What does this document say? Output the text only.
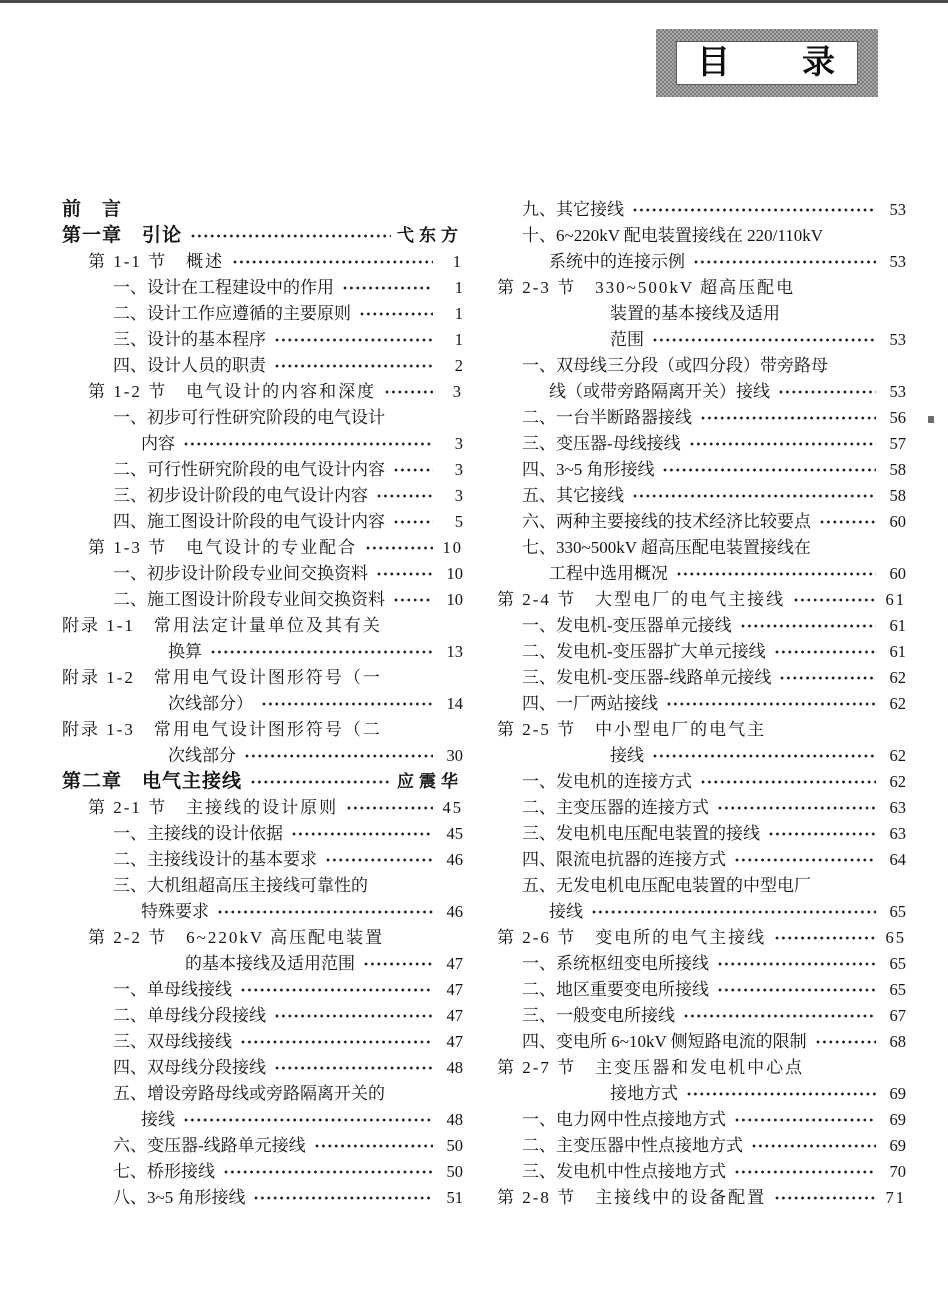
目　　录
前　言
第一章　引论	弋东方
第 1-1 节　概述	1
一、设计在工程建设中的作用	1
二、设计工作应遵循的主要原则	1
三、设计的基本程序	1
四、设计人员的职责	2
第 1-2 节　电气设计的内容和深度	3
一、初步可行性研究阶段的电气设计
内容	3
二、可行性研究阶段的电气设计内容	3
三、初步设计阶段的电气设计内容	3
四、施工图设计阶段的电气设计内容	5
第 1-3 节　电气设计的专业配合	10
一、初步设计阶段专业间交换资料	10
二、施工图设计阶段专业间交换资料	10
附录 1-1　常用法定计量单位及其有关
换算	13
附录 1-2　常用电气设计图形符号（一
次线部分）	14
附录 1-3　常用电气设计图形符号（二
次线部分	30
第二章　电气主接线	应震华
第 2-1 节　主接线的设计原则	45
一、主接线的设计依据	45
二、主接线设计的基本要求	46
三、大机组超高压主接线可靠性的
特殊要求	46
第 2-2 节　6~220kV 高压配电装置
的基本接线及适用范围	47
一、单母线接线	47
二、单母线分段接线	47
三、双母线接线	47
四、双母线分段接线	48
五、增设旁路母线或旁路隔离开关的
接线	48
六、变压器-线路单元接线	50
七、桥形接线	50
八、3~5 角形接线	51
九、其它接线	53
十、6~220kV 配电装置接线在 220/110kV
系统中的连接示例	53
第 2-3 节　330~500kV 超高压配电
装置的基本接线及适用
范围	53
一、双母线三分段（或四分段）带旁路母
线（或带旁路隔离开关）接线	53
二、一台半断路器接线	56
三、变压器-母线接线	57
四、3~5 角形接线	58
五、其它接线	58
六、两种主要接线的技术经济比较要点	60
七、330~500kV 超高压配电装置接线在
工程中选用概况	60
第 2-4 节　大型电厂的电气主接线	61
一、发电机-变压器单元接线	61
二、发电机-变压器扩大单元接线	61
三、发电机-变压器-线路单元接线	62
四、一厂两站接线	62
第 2-5 节　中小型电厂的电气主
接线	62
一、发电机的连接方式	62
二、主变压器的连接方式	63
三、发电机电压配电装置的接线	63
四、限流电抗器的连接方式	64
五、无发电机电压配电装置的中型电厂
接线	65
第 2-6 节　变电所的电气主接线	65
一、系统枢纽变电所接线	65
二、地区重要变电所接线	65
三、一般变电所接线	67
四、变电所 6~10kV 侧短路电流的限制	68
第 2-7 节　主变压器和发电机中心点
接地方式	69
一、电力网中性点接地方式	69
二、主变压器中性点接地方式	69
三、发电机中性点接地方式	70
第 2-8 节　主接线中的设备配置	71
